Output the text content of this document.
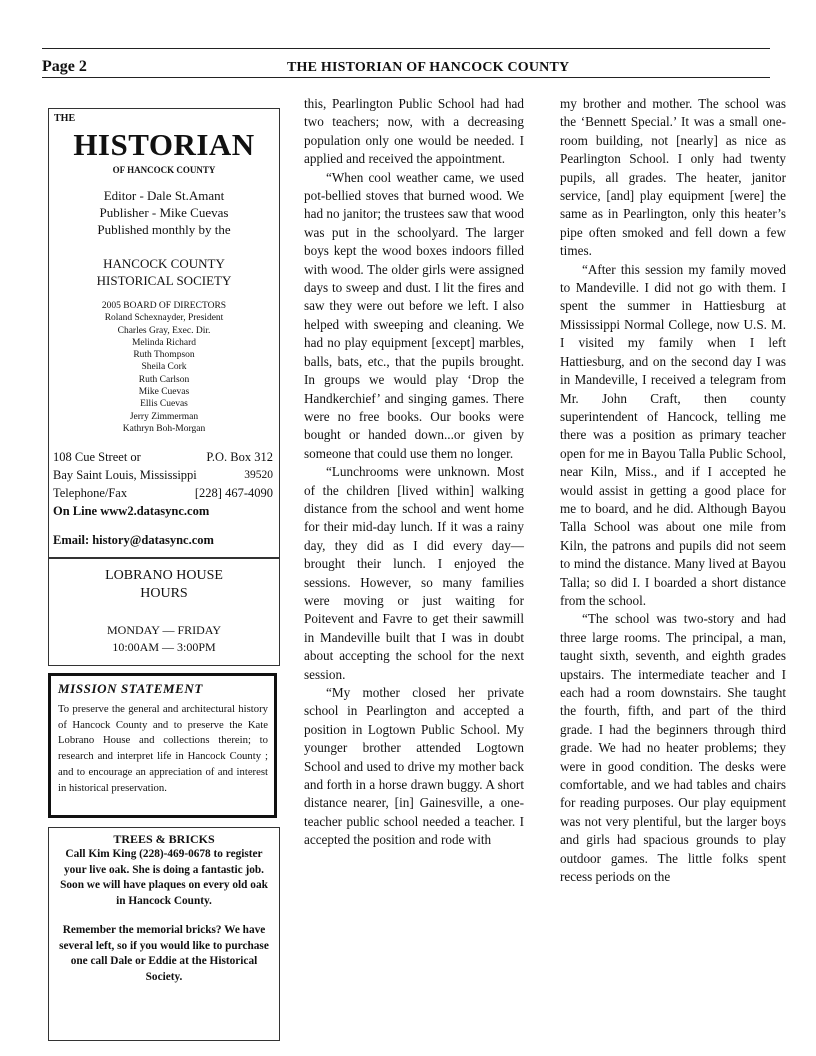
Page 2	THE HISTORIAN OF HANCOCK COUNTY
THE
HISTORIAN
OF HANCOCK COUNTY
Editor - Dale St.Amant
Publisher - Mike Cuevas
Published monthly by the
HANCOCK COUNTY
HISTORICAL SOCIETY
2005 BOARD OF DIRECTORS
Roland Schexnayder, President
Charles Gray, Exec. Dir.
Melinda Richard
Ruth Thompson
Sheila Cork
Ruth Carlson
Mike Cuevas
Ellis Cuevas
Jerry Zimmerman
Kathryn Boh-Morgan
108 Cue Street or	P.O. Box 312
Bay Saint Louis, Mississippi	39520
Telephone/Fax	[228] 467-4090
On Line www2.datasync.com
Email: history@datasync.com
LOBRANO HOUSE
HOURS
MONDAY — FRIDAY
10:00AM — 3:00PM
MISSION STATEMENT
To preserve the general and architectural history of Hancock County and to preserve the Kate Lobrano House and collections therein; to research and interpret life in Hancock County ; and to encourage an appreciation of and interest in historical preservation.
TREES & BRICKS
Call Kim King (228)-469-0678 to register your live oak. She is doing a fantastic job. Soon we will have plaques on every old oak in Hancock County.
Remember the memorial bricks? We have several left, so if you would like to purchase one call Dale or Eddie at the Historical Society.

this, Pearlington Public School had had two teachers; now, with a decreasing population only one would be needed. I applied and received the appointment.

“When cool weather came, we used pot-bellied stoves that burned wood. We had no janitor; the trustees saw that wood was put in the schoolyard. The larger boys kept the wood boxes indoors filled with wood. The older girls were assigned days to sweep and dust. I lit the fires and saw they were out before we left. I also helped with sweeping and cleaning. We had no play equipment [except] marbles, balls, bats, etc., that the pupils brought. In groups we would play ‘Drop the Handkerchief’ and singing games. There were no free books. Our books were bought or handed down...or given by someone that could use them no longer.

“Lunchrooms were unknown. Most of the children [lived within] walking distance from the school and went home for their mid-day lunch. If it was a rainy day, they did as I did every day— brought their lunch. I enjoyed the sessions. However, so many families were moving or just waiting for Poitevent and Favre to get their sawmill in Mandeville built that I was in doubt about accepting the school for the next session.

“My mother closed her private school in Pearlington and accepted a position in Logtown Public School. My younger brother attended Logtown School and used to drive my mother back and forth in a horse drawn buggy. A short distance nearer, [in] Gainesville, a one-teacher public school needed a teacher. I accepted the position and rode with

my brother and mother. The school was the ‘Bennett Special.’ It was a small one-room building, not [nearly] as nice as Pearlington School. I only had twenty pupils, all grades. The heater, janitor service, [and] play equipment [were] the same as in Pearlington, only this heater’s pipe often smoked and fell down a few times.

“After this session my family moved to Mandeville. I did not go with them. I spent the summer in Hattiesburg at Mississippi Normal College, now U.S. M. I visited my family when I left Hattiesburg, and on the second day I was in Mandeville, I received a telegram from Mr. John Craft, then county superintendent of Hancock, telling me there was a position as primary teacher open for me in Bayou Talla Public School, near Kiln, Miss., and if I accepted he would assist in getting a good place for me to board, and he did. Although Bayou Talla School was about one mile from Kiln, the patrons and pupils did not seem to mind the distance. Many lived at Bayou Talla; so did I. I boarded a short distance from the school.

“The school was two-story and had three large rooms. The principal, a man, taught sixth, seventh, and eighth grades upstairs. The intermediate teacher and I each had a room downstairs. She taught the fourth, fifth, and part of the third grade. I had the beginners through third grade. We had no heater problems; they were in good condition. The desks were comfortable, and we had tables and chairs for reading purposes. Our play equipment was not very plentiful, but the larger boys and girls had spacious grounds to play outdoor games. The little folks spent recess periods on the
